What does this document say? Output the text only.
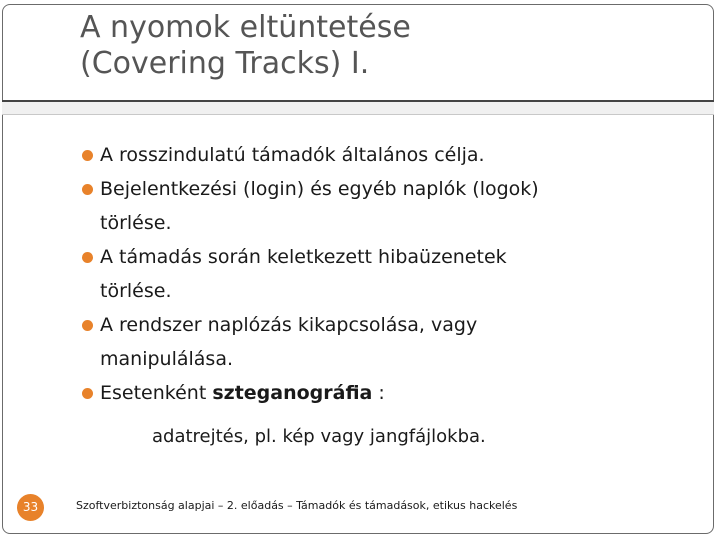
A nyomok eltüntetése
(Covering Tracks) I.
A rosszindulatú támadók általános célja.
Bejelentkezési (login) és egyéb naplók (logok)
törlése.
A támadás során keletkezett hibaüzenetek
törlése.
A rendszer naplózás kikapcsolása, vagy
manipulálása.
Esetenként szteganográfia :
adatrejtés, pl. kép vagy jangfájlokba.
33	Szoftverbiztonság alapjai – 2. előadás – Támadók és támadások, etikus hackelés
